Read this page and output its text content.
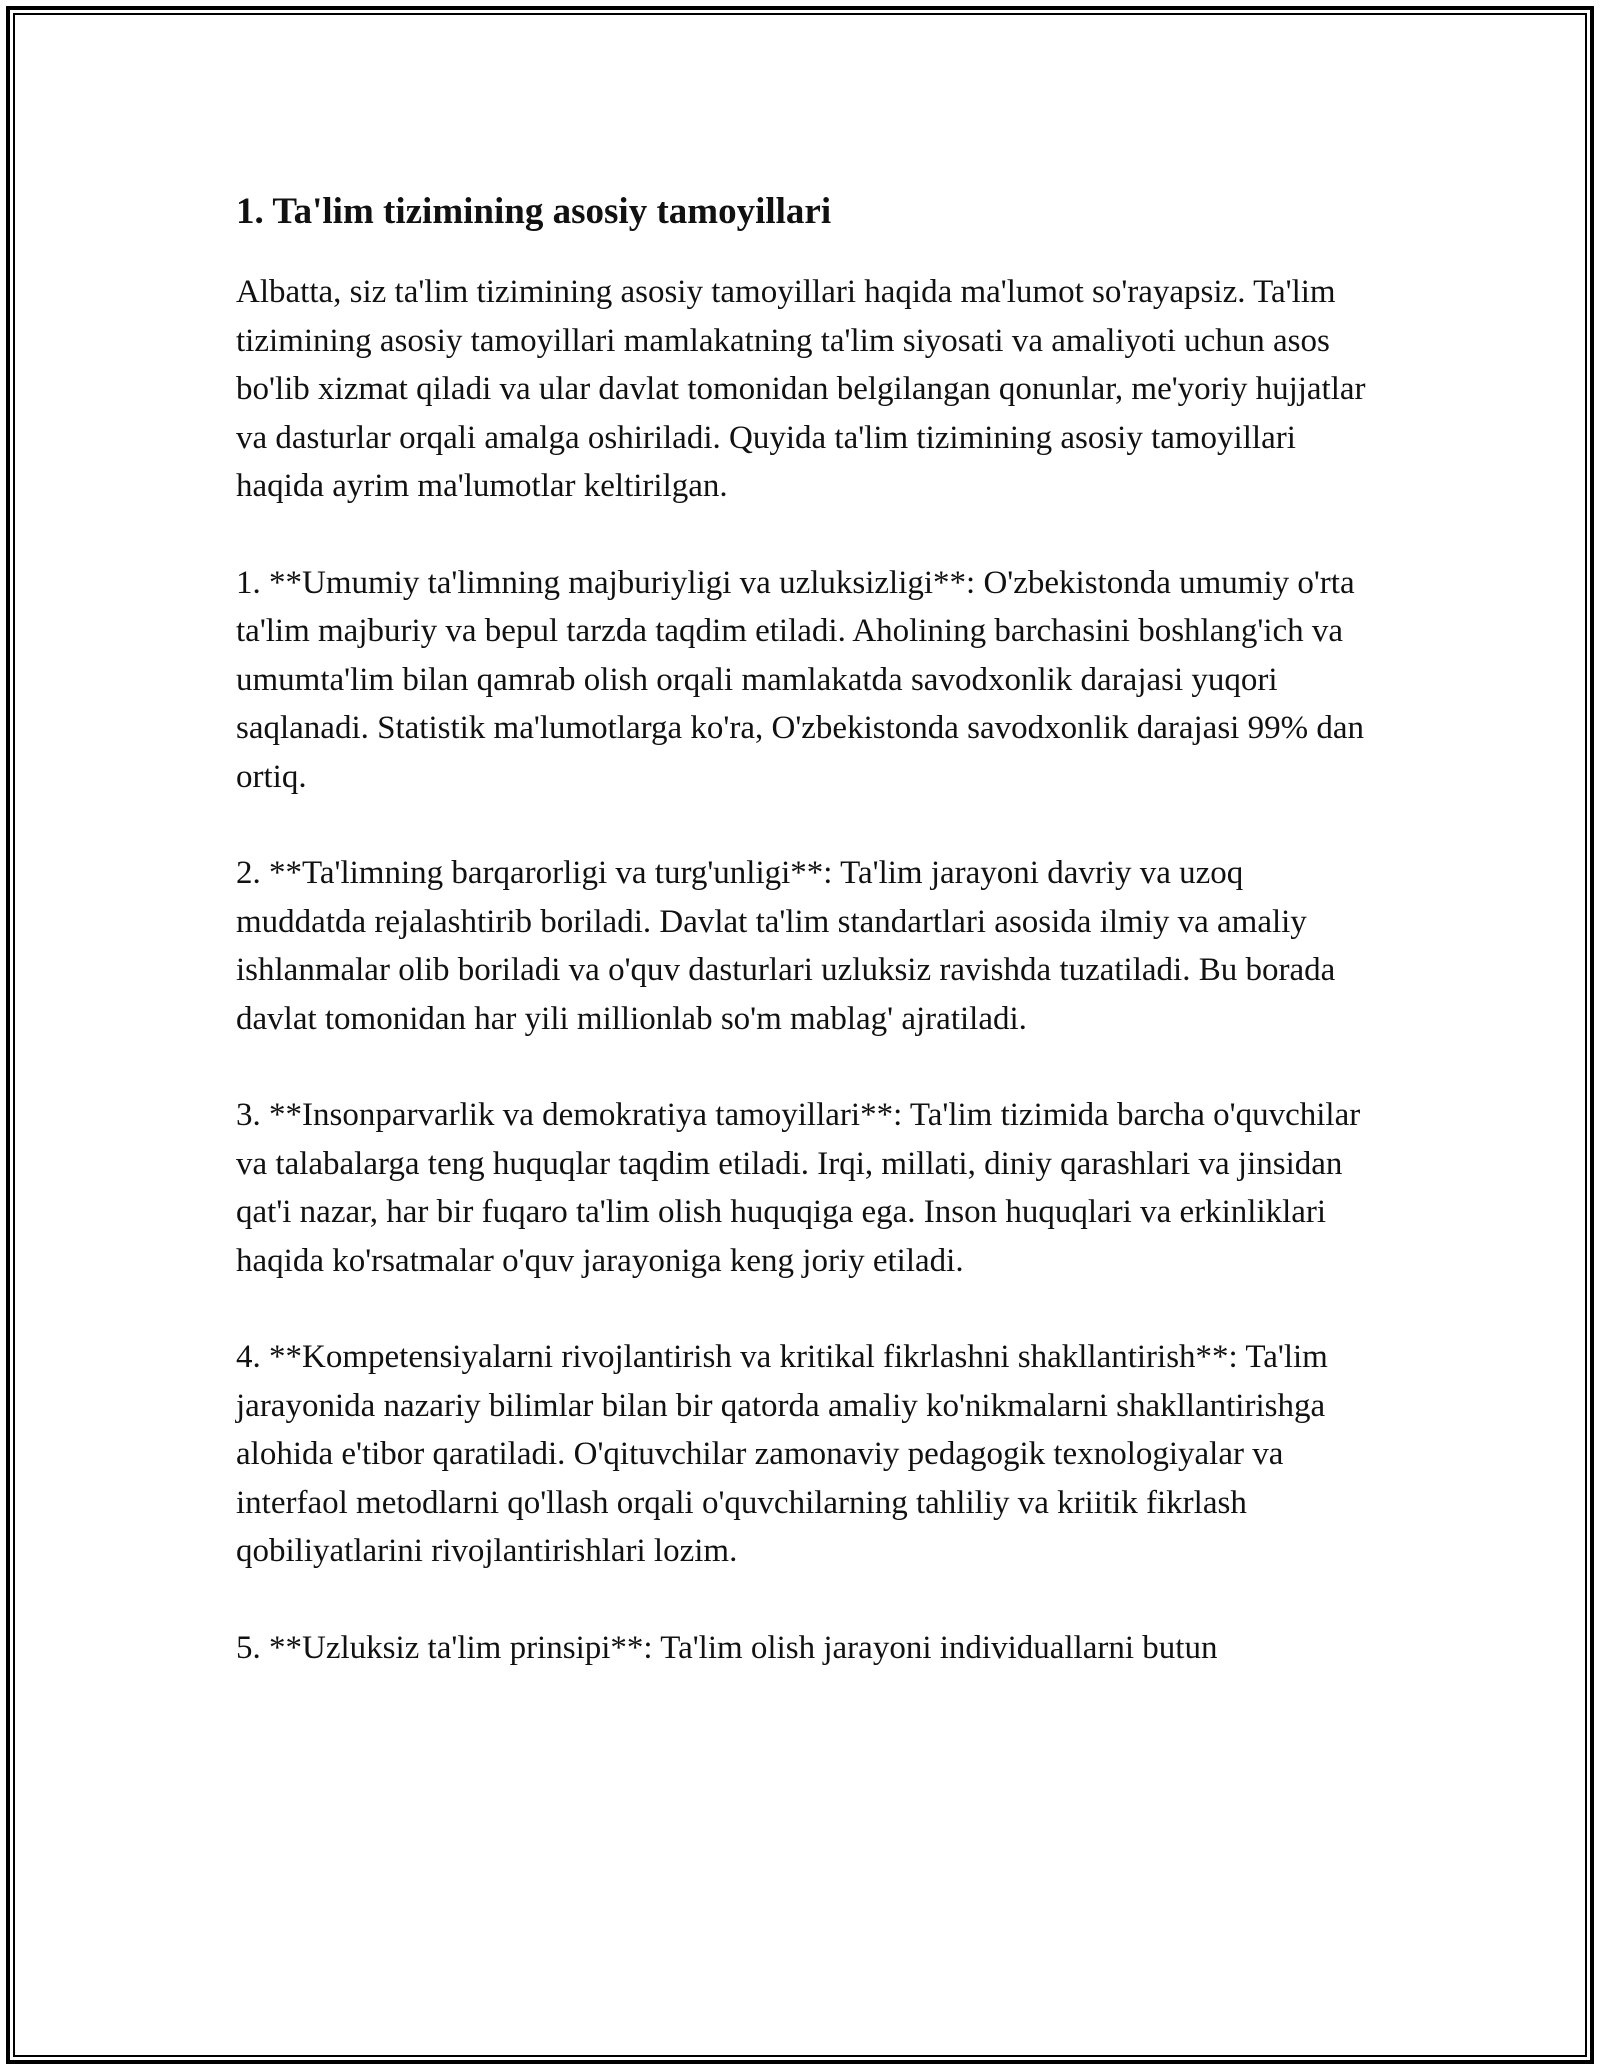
1. Ta'lim tizimining asosiy tamoyillari

Albatta, siz ta'lim tizimining asosiy tamoyillari haqida ma'lumot so'rayapsiz. Ta'lim tizimining asosiy tamoyillari mamlakatning ta'lim siyosati va amaliyoti uchun asos bo'lib xizmat qiladi va ular davlat tomonidan belgilangan qonunlar, me'yoriy hujjatlar va dasturlar orqali amalga oshiriladi. Quyida ta'lim tizimining asosiy tamoyillari haqida ayrim ma'lumotlar keltirilgan.

1. **Umumiy ta'limning majburiyligi va uzluksizligi**: O'zbekistonda umumiy o'rta ta'lim majburiy va bepul tarzda taqdim etiladi. Aholining barchasini boshlang'ich va umumta'lim bilan qamrab olish orqali mamlakatda savodxonlik darajasi yuqori saqlanadi. Statistik ma'lumotlarga ko'ra, O'zbekistonda savodxonlik darajasi 99% dan ortiq.

2. **Ta'limning barqarorligi va turg'unligi**: Ta'lim jarayoni davriy va uzoq muddatda rejalashtirib boriladi. Davlat ta'lim standartlari asosida ilmiy va amaliy ishlanmalar olib boriladi va o'quv dasturlari uzluksiz ravishda tuzatiladi. Bu borada davlat tomonidan har yili millionlab so'm mablag' ajratiladi.

3. **Insonparvarlik va demokratiya tamoyillari**: Ta'lim tizimida barcha o'quvchilar va talabalarga teng huquqlar taqdim etiladi. Irqi, millati, diniy qarashlari va jinsidan qat'i nazar, har bir fuqaro ta'lim olish huquqiga ega. Inson huquqlari va erkinliklari haqida ko'rsatmalar o'quv jarayoniga keng joriy etiladi.

4. **Kompetensiyalarni rivojlantirish va kritikal fikrlashni shakllantirish**: Ta'lim jarayonida nazariy bilimlar bilan bir qatorda amaliy ko'nikmalarni shakllantirishga alohida e'tibor qaratiladi. O'qituvchilar zamonaviy pedagogik texnologiyalar va interfaol metodlarni qo'llash orqali o'quvchilarning tahliliy va kriitik fikrlash qobiliyatlarini rivojlantirishlari lozim.

5. **Uzluksiz ta'lim prinsipi**: Ta'lim olish jarayoni individuallarni butun
